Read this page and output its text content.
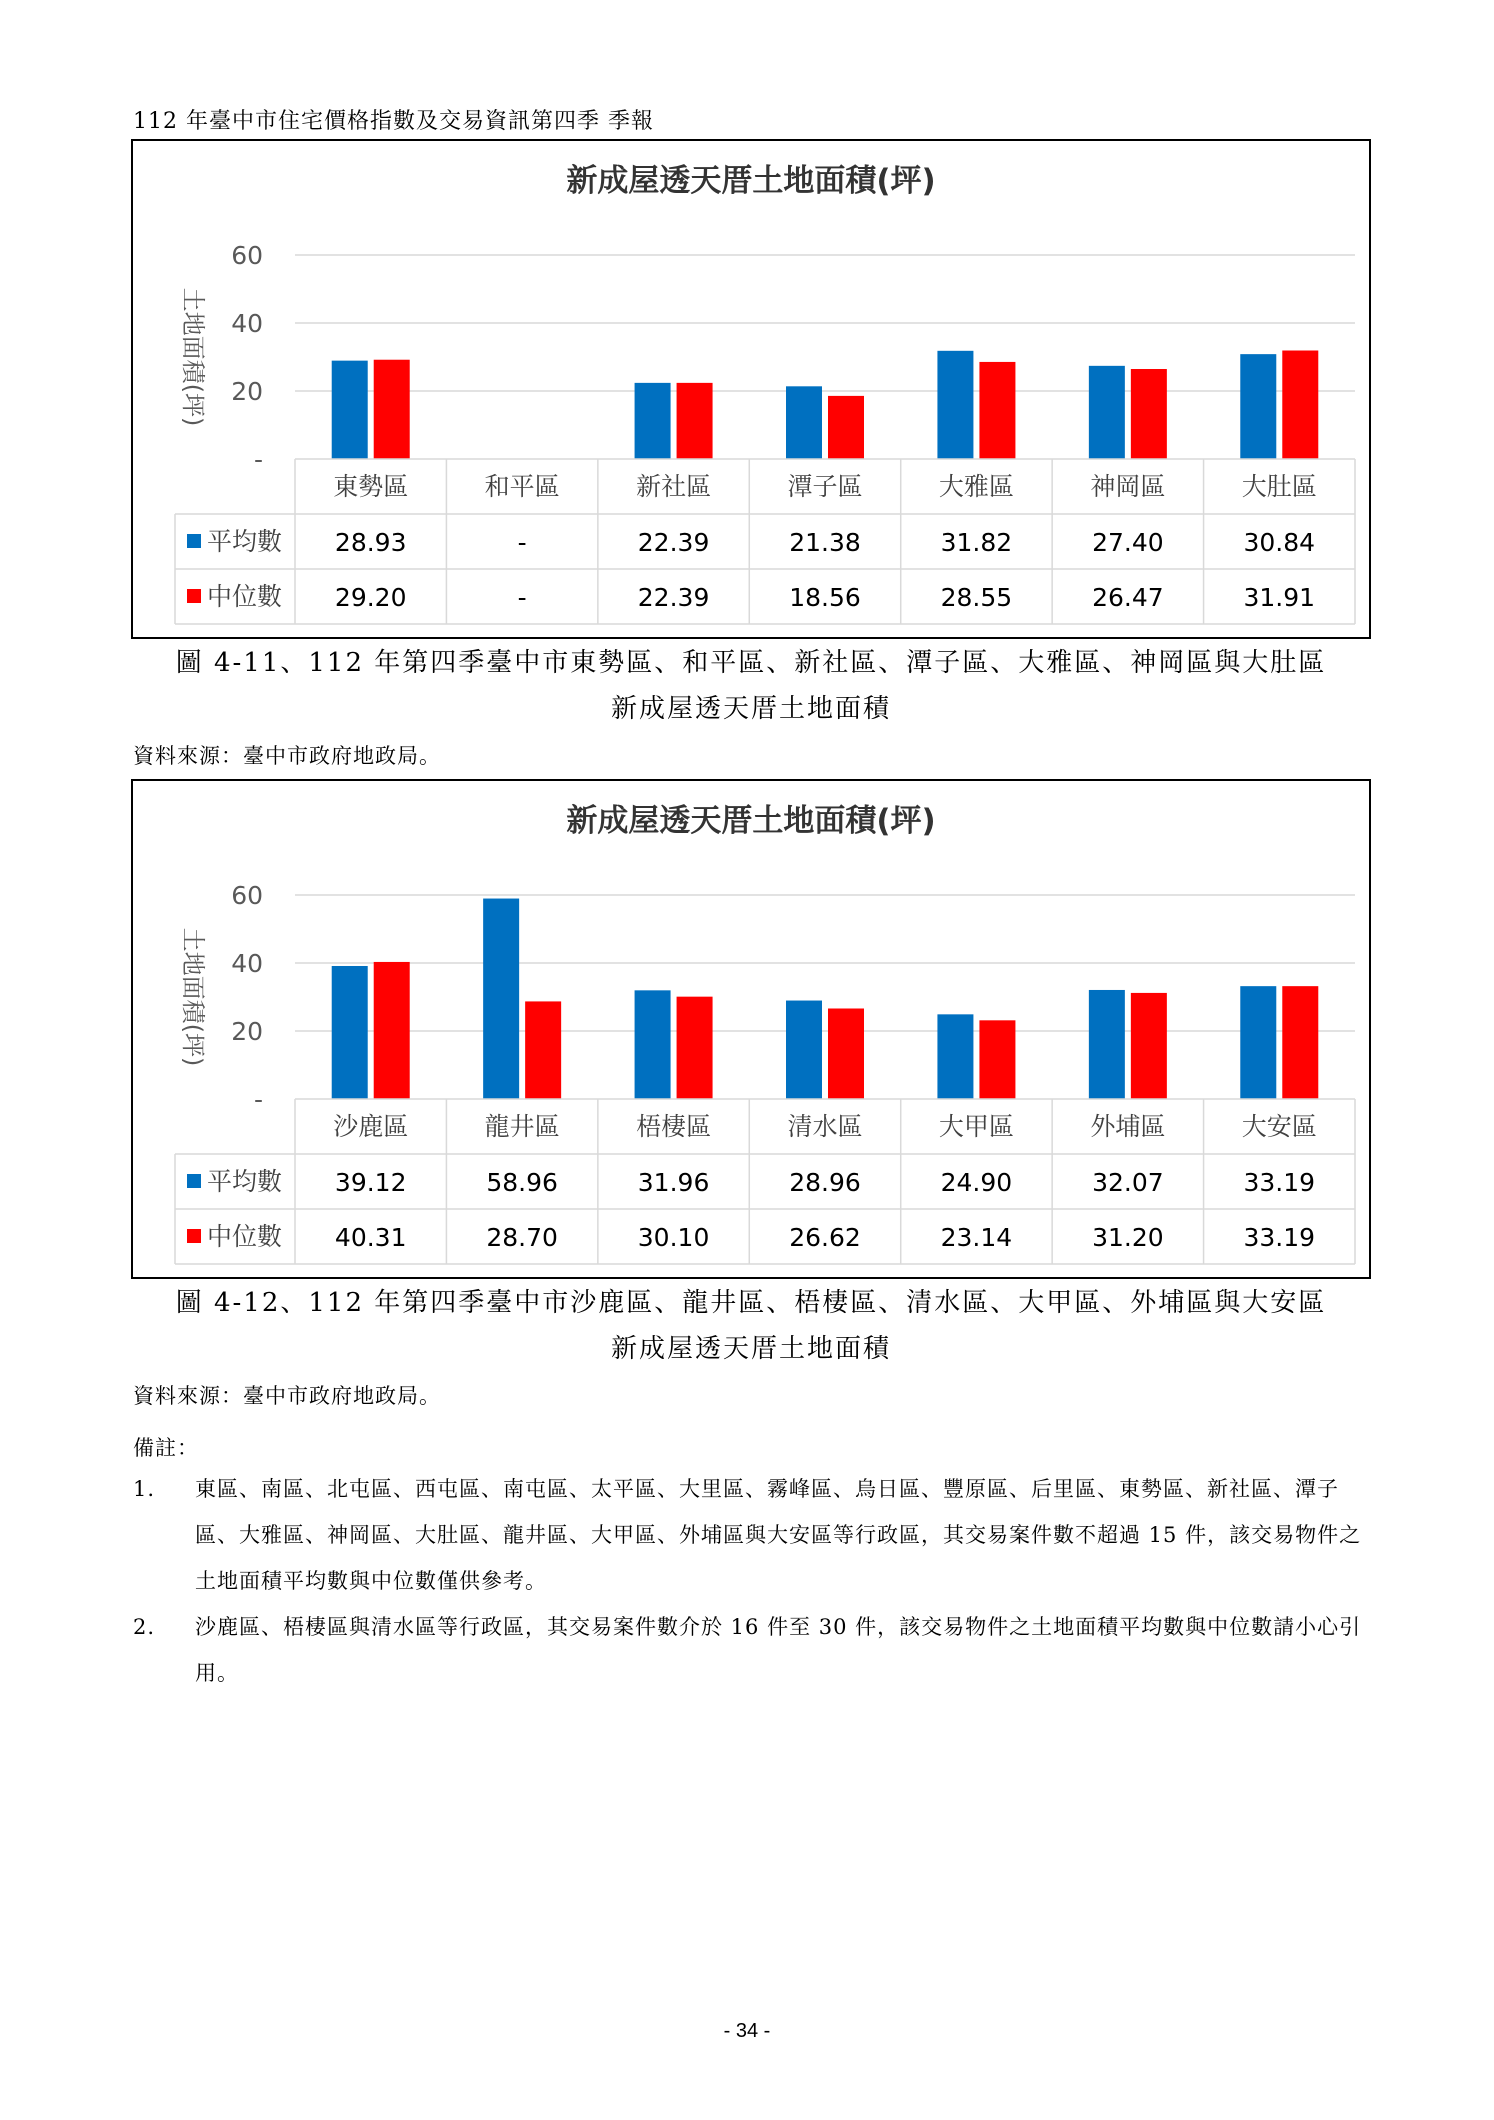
112 年臺中市住宅價格指數及交易資訊第四季 季報
新成屋透天厝土地面積(坪)
土地面積(坪)
-
20
40
60
東勢區	和平區	新社區	潭子區	大雅區	神岡區	大肚區
平均數 28.93	-	22.39	21.38	31.82	27.40	30.84
中位數 29.20	-	22.39	18.56	28.55	26.47	31.91
圖 4-11、112 年第四季臺中市東勢區、和平區、新社區、潭子區、大雅區、神岡區與大肚區
新成屋透天厝土地面積
資料來源：臺中市政府地政局。
新成屋透天厝土地面積(坪)
土地面積(坪)
-
20
40
60
沙鹿區	龍井區	梧棲區	清水區	大甲區	外埔區	大安區
平均數 39.12	58.96	31.96	28.96	24.90	32.07	33.19
中位數 40.31	28.70	30.10	26.62	23.14	31.20	33.19
圖 4-12、112 年第四季臺中市沙鹿區、龍井區、梧棲區、清水區、大甲區、外埔區與大安區
新成屋透天厝土地面積
資料來源：臺中市政府地政局。
備註：
1. 東區、南區、北屯區、西屯區、南屯區、太平區、大里區、霧峰區、烏日區、豐原區、后里區、東勢區、新社區、潭子區、大雅區、神岡區、大肚區、龍井區、大甲區、外埔區與大安區等行政區，其交易案件數不超過 15 件，該交易物件之土地面積平均數與中位數僅供參考。
2. 沙鹿區、梧棲區與清水區等行政區，其交易案件數介於 16 件至 30 件，該交易物件之土地面積平均數與中位數請小心引用。
- 34 -
